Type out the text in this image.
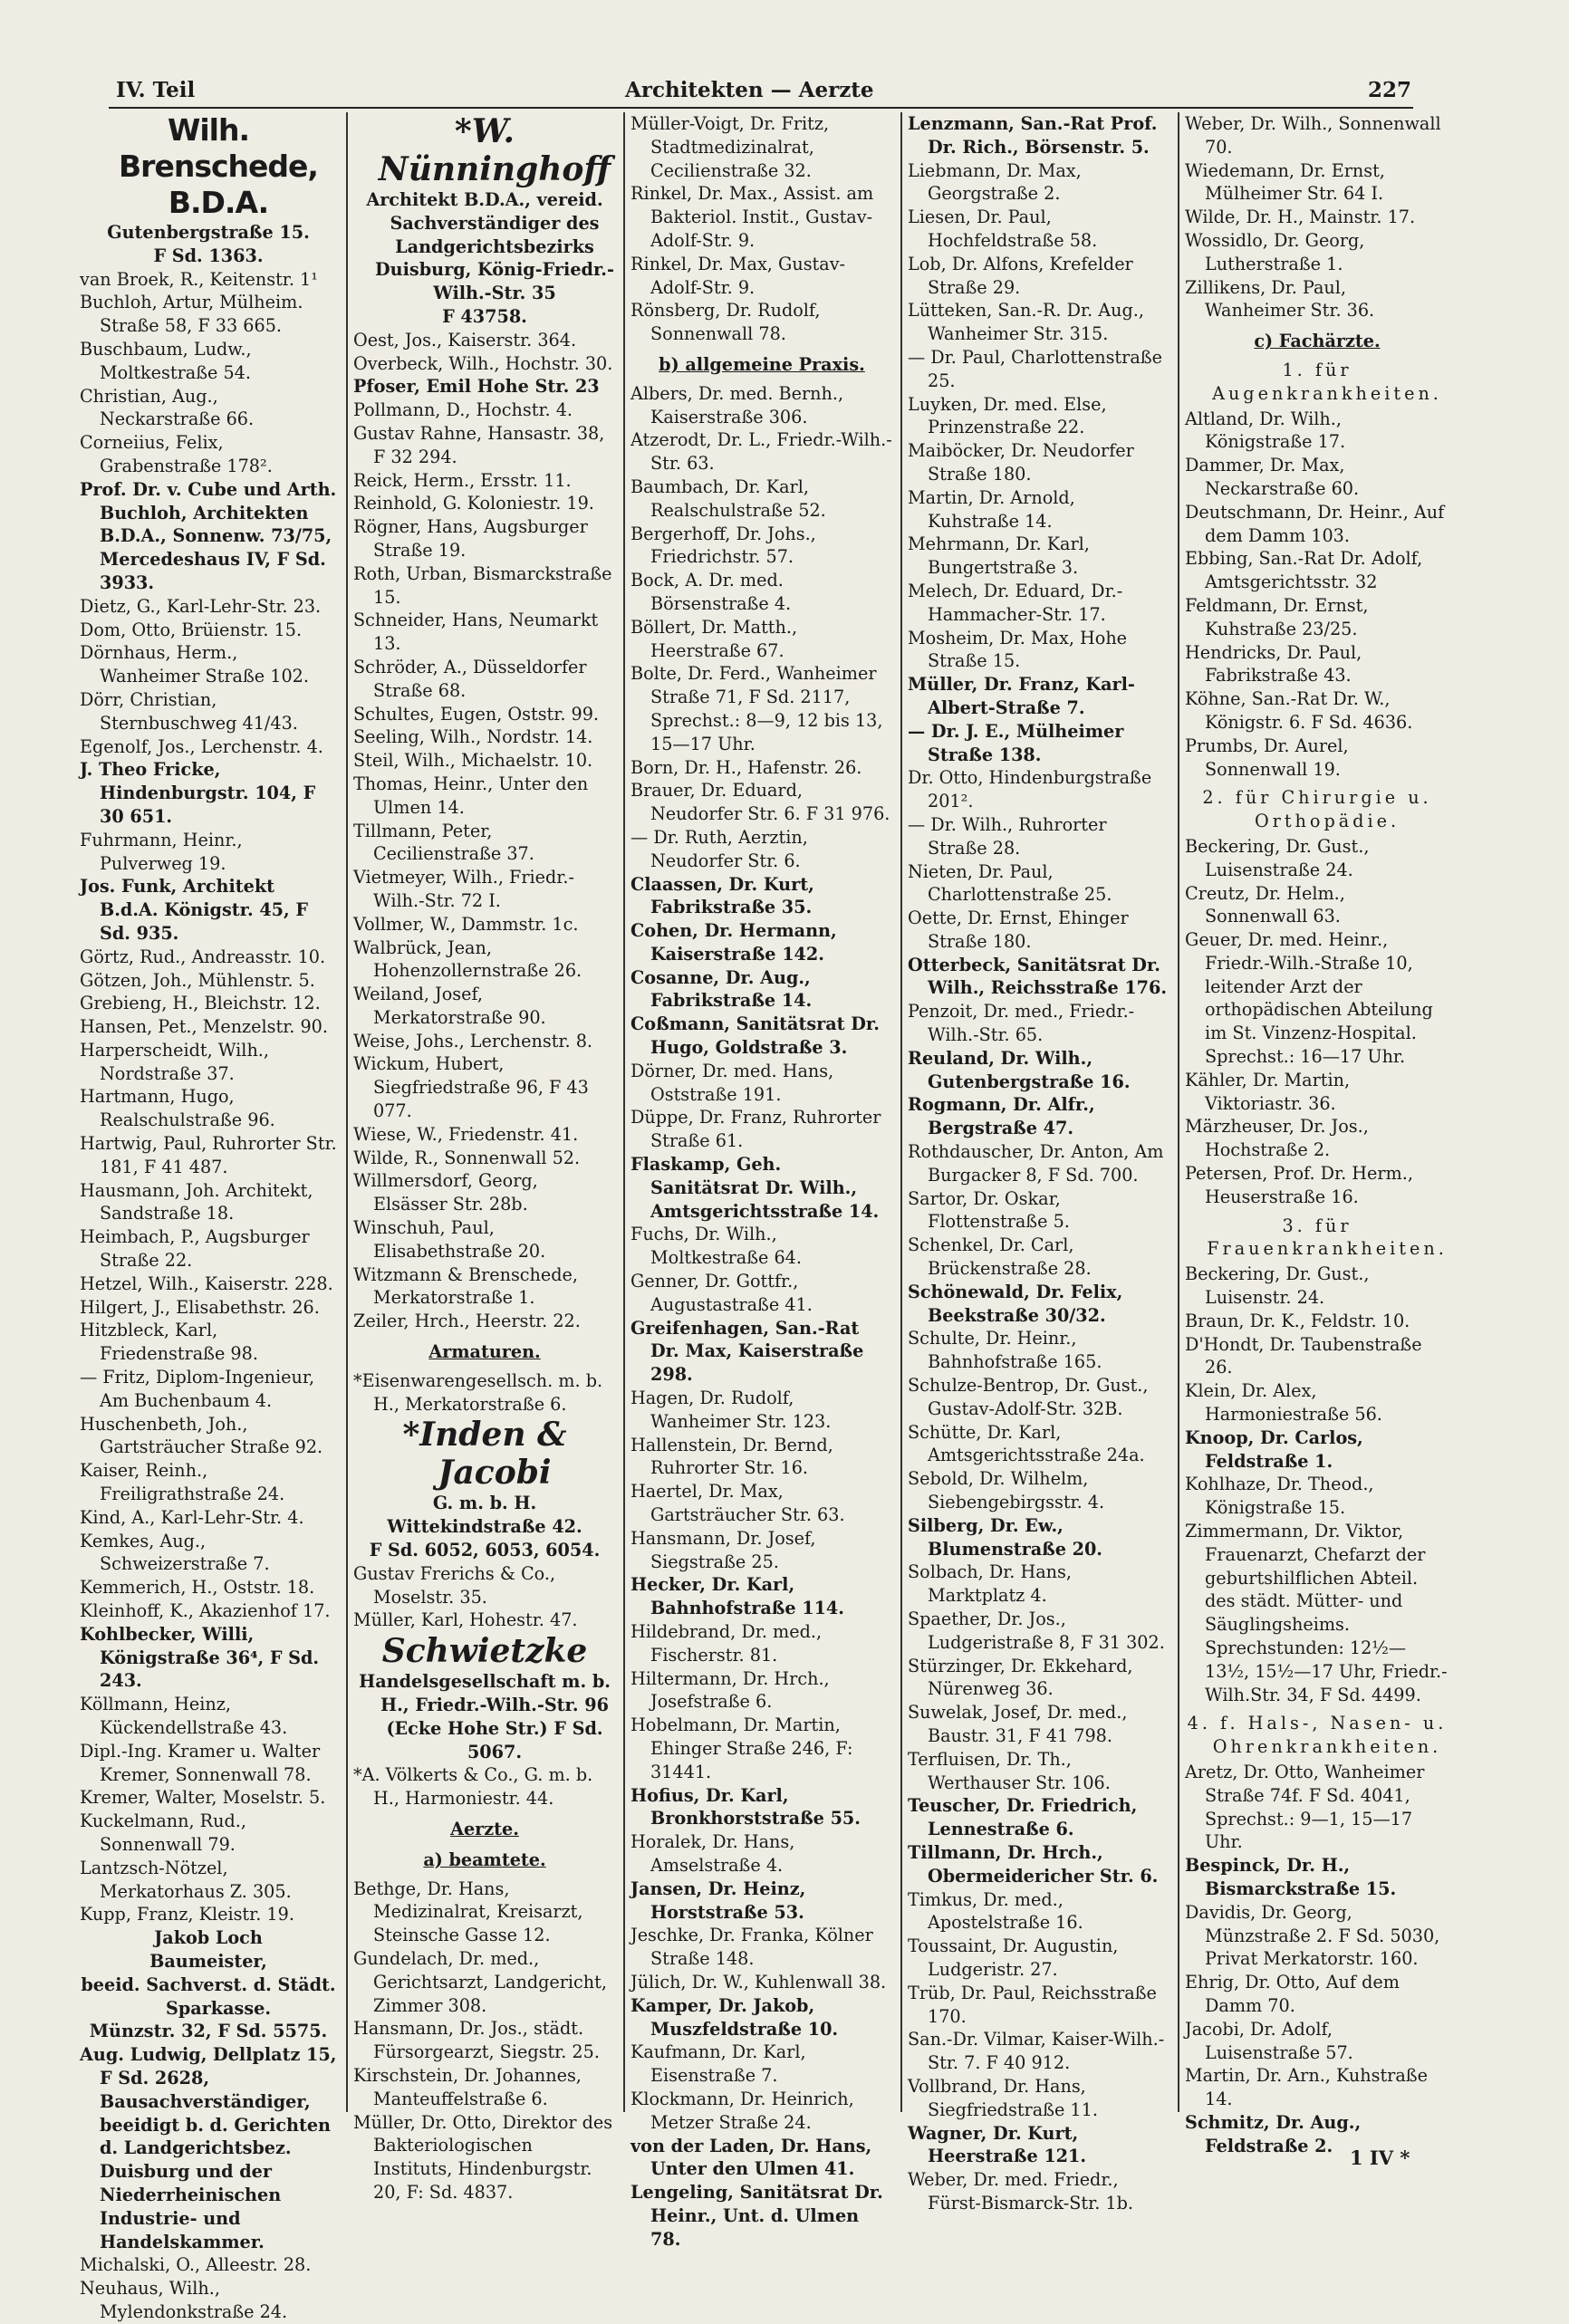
IV. Teil	Architekten — Aerzte	227

Wilh. Brenschede, B.D.A.

Gutenbergstraße 15.

F Sd. 1363.

van Broek, R., Keitenstr. 1¹

Buchloh, Artur, Mülheim. Straße 58, F 33 665.

Buschbaum, Ludw., Moltkestraße 54.

Christian, Aug., Neckarstraße 66.

Corneiius, Felix, Grabenstraße 178².

Prof. Dr. v. Cube und Arth. Buchloh, Architekten B.D.A., Sonnenw. 73/75, Mercedeshaus IV, F Sd. 3933.

Dietz, G., Karl-Lehr-Str. 23.

Dom, Otto, Brüienstr. 15.

Dörnhaus, Herm., Wanheimer Straße 102.

Dörr, Christian, Sternbuschweg 41/43.

Egenolf, Jos., Lerchenstr. 4.

J. Theo Fricke, Hindenburgstr. 104, F 30 651.

Fuhrmann, Heinr., Pulverweg 19.

Jos. Funk, Architekt B.d.A. Königstr. 45, F Sd. 935.

Görtz, Rud., Andreasstr. 10.

Götzen, Joh., Mühlenstr. 5.

Grebieng, H., Bleichstr. 12.

Hansen, Pet., Menzelstr. 90.

Harperscheidt, Wilh., Nordstraße 37.

Hartmann, Hugo, Realschulstraße 96.

Hartwig, Paul, Ruhrorter Str. 181, F 41 487.

Hausmann, Joh. Architekt, Sandstraße 18.

Heimbach, P., Augsburger Straße 22.

Hetzel, Wilh., Kaiserstr. 228.

Hilgert, J., Elisabethstr. 26.

Hitzbleck, Karl, Friedenstraße 98.

— Fritz, Diplom-Ingenieur, Am Buchenbaum 4.

Huschenbeth, Joh., Gartsträucher Straße 92.

Kaiser, Reinh., Freiligrathstraße 24.

Kind, A., Karl-Lehr-Str. 4.

Kemkes, Aug., Schweizerstraße 7.

Kemmerich, H., Oststr. 18.

Kleinhoff, K., Akazienhof 17.

Kohlbecker, Willi, Königstraße 36⁴, F Sd. 243.

Köllmann, Heinz, Kückendellstraße 43.

Dipl.-Ing. Kramer u. Walter Kremer, Sonnenwall 78.

Kremer, Walter, Moselstr. 5.

Kuckelmann, Rud., Sonnenwall 79.

Lantzsch-Nötzel, Merkatorhaus Z. 305.

Kupp, Franz, Kleistr. 19.

Jakob Loch

Baumeister,

beeid. Sachverst. d. Städt. Sparkasse.

Münzstr. 32, F Sd. 5575.

Aug. Ludwig, Dellplatz 15, F Sd. 2628, Bausachverständiger, beeidigt b. d. Gerichten d. Landgerichtsbez. Duisburg und der Niederrheinischen Industrie- und Handelskammer.

Michalski, O., Alleestr. 28.

Neuhaus, Wilh., Mylendonkstraße 24.

*W. Nünninghoff

Architekt B.D.A., vereid. Sachverständiger des Landgerichtsbezirks Duisburg, König-Friedr.-Wilh.-Str. 35

F 43758.

Oest, Jos., Kaiserstr. 364.

Overbeck, Wilh., Hochstr. 30.

Pfoser, Emil Hohe Str. 23

Pollmann, D., Hochstr. 4.

Gustav Rahne, Hansastr. 38, F 32 294.

Reick, Herm., Ersstr. 11.

Reinhold, G. Koloniestr. 19.

Rögner, Hans, Augsburger Straße 19.

Roth, Urban, Bismarckstraße 15.

Schneider, Hans, Neumarkt 13.

Schröder, A., Düsseldorfer Straße 68.

Schultes, Eugen, Oststr. 99.

Seeling, Wilh., Nordstr. 14.

Steil, Wilh., Michaelstr. 10.

Thomas, Heinr., Unter den Ulmen 14.

Tillmann, Peter, Cecilienstraße 37.

Vietmeyer, Wilh., Friedr.-Wilh.-Str. 72 I.

Vollmer, W., Dammstr. 1c.

Walbrück, Jean, Hohenzollernstraße 26.

Weiland, Josef, Merkatorstraße 90.

Weise, Johs., Lerchenstr. 8.

Wickum, Hubert, Siegfriedstraße 96, F 43 077.

Wiese, W., Friedenstr. 41.

Wilde, R., Sonnenwall 52.

Willmersdorf, Georg, Elsässer Str. 28b.

Winschuh, Paul, Elisabethstraße 20.

Witzmann & Brenschede, Merkatorstraße 1.

Zeiler, Hrch., Heerstr. 22.

Armaturen.

*Eisenwarengesellsch. m. b. H., Merkatorstraße 6.

*Inden & Jacobi

G. m. b. H.

Wittekindstraße 42.

F Sd. 6052, 6053, 6054.

Gustav Frerichs & Co., Moselstr. 35.

Müller, Karl, Hohestr. 47.

Schwietzke

Handelsgesellschaft m. b. H., Friedr.-Wilh.-Str. 96 (Ecke Hohe Str.) F Sd. 5067.

*A. Völkerts & Co., G. m. b. H., Harmoniestr. 44.

Aerzte.

a) beamtete.

Bethge, Dr. Hans, Medizinalrat, Kreisarzt, Steinsche Gasse 12.

Gundelach, Dr. med., Gerichtsarzt, Landgericht, Zimmer 308.

Hansmann, Dr. Jos., städt. Fürsorgearzt, Siegstr. 25.

Kirschstein, Dr. Johannes, Manteuffelstraße 6.

Müller, Dr. Otto, Direktor des Bakteriologischen Instituts, Hindenburgstr. 20, F: Sd. 4837.

Müller-Voigt, Dr. Fritz, Stadtmedizinalrat, Cecilienstraße 32.

Rinkel, Dr. Max., Assist. am Bakteriol. Instit., Gustav-Adolf-Str. 9.

Rinkel, Dr. Max, Gustav-Adolf-Str. 9.

Rönsberg, Dr. Rudolf, Sonnenwall 78.

b) allgemeine Praxis.

Albers, Dr. med. Bernh., Kaiserstraße 306.

Atzerodt, Dr. L., Friedr.-Wilh.-Str. 63.

Baumbach, Dr. Karl, Realschulstraße 52.

Bergerhoff, Dr. Johs., Friedrichstr. 57.

Bock, A. Dr. med. Börsenstraße 4.

Böllert, Dr. Matth., Heerstraße 67.

Bolte, Dr. Ferd., Wanheimer Straße 71, F Sd. 2117, Sprechst.: 8—9, 12 bis 13, 15—17 Uhr.

Born, Dr. H., Hafenstr. 26.

Brauer, Dr. Eduard, Neudorfer Str. 6. F 31 976.

— Dr. Ruth, Aerztin, Neudorfer Str. 6.

Claassen, Dr. Kurt, Fabrikstraße 35.

Cohen, Dr. Hermann, Kaiserstraße 142.

Cosanne, Dr. Aug., Fabrikstraße 14.

Coßmann, Sanitätsrat Dr. Hugo, Goldstraße 3.

Dörner, Dr. med. Hans, Oststraße 191.

Düppe, Dr. Franz, Ruhrorter Straße 61.

Flaskamp, Geh. Sanitätsrat Dr. Wilh., Amtsgerichtsstraße 14.

Fuchs, Dr. Wilh., Moltkestraße 64.

Genner, Dr. Gottfr., Augustastraße 41.

Greifenhagen, San.-Rat Dr. Max, Kaiserstraße 298.

Hagen, Dr. Rudolf, Wanheimer Str. 123.

Hallenstein, Dr. Bernd, Ruhrorter Str. 16.

Haertel, Dr. Max, Gartsträucher Str. 63.

Hansmann, Dr. Josef, Siegstraße 25.

Hecker, Dr. Karl, Bahnhofstraße 114.

Hildebrand, Dr. med., Fischerstr. 81.

Hiltermann, Dr. Hrch., Josefstraße 6.

Hobelmann, Dr. Martin, Ehinger Straße 246, F: 31441.

Hofius, Dr. Karl, Bronkhorststraße 55.

Horalek, Dr. Hans, Amselstraße 4.

Jansen, Dr. Heinz, Horststraße 53.

Jeschke, Dr. Franka, Kölner Straße 148.

Jülich, Dr. W., Kuhlenwall 38.

Kamper, Dr. Jakob, Muszfeldstraße 10.

Kaufmann, Dr. Karl, Eisenstraße 7.

Klockmann, Dr. Heinrich, Metzer Straße 24.

von der Laden, Dr. Hans, Unter den Ulmen 41.

Lengeling, Sanitätsrat Dr. Heinr., Unt. d. Ulmen 78.

Lenzmann, San.-Rat Prof. Dr. Rich., Börsenstr. 5.

Liebmann, Dr. Max, Georgstraße 2.

Liesen, Dr. Paul, Hochfeldstraße 58.

Lob, Dr. Alfons, Krefelder Straße 29.

Lütteken, San.-R. Dr. Aug., Wanheimer Str. 315.

— Dr. Paul, Charlottenstraße 25.

Luyken, Dr. med. Else, Prinzenstraße 22.

Maiböcker, Dr. Neudorfer Straße 180.

Martin, Dr. Arnold, Kuhstraße 14.

Mehrmann, Dr. Karl, Bungertstraße 3.

Melech, Dr. Eduard, Dr.-Hammacher-Str. 17.

Mosheim, Dr. Max, Hohe Straße 15.

Müller, Dr. Franz, Karl-Albert-Straße 7.

— Dr. J. E., Mülheimer Straße 138.

Dr. Otto, Hindenburgstraße 201².

— Dr. Wilh., Ruhrorter Straße 28.

Nieten, Dr. Paul, Charlottenstraße 25.

Oette, Dr. Ernst, Ehinger Straße 180.

Otterbeck, Sanitätsrat Dr. Wilh., Reichsstraße 176.

Penzoit, Dr. med., Friedr.-Wilh.-Str. 65.

Reuland, Dr. Wilh., Gutenbergstraße 16.

Rogmann, Dr. Alfr., Bergstraße 47.

Rothdauscher, Dr. Anton, Am Burgacker 8, F Sd. 700.

Sartor, Dr. Oskar, Flottenstraße 5.

Schenkel, Dr. Carl, Brückenstraße 28.

Schönewald, Dr. Felix, Beekstraße 30/32.

Schulte, Dr. Heinr., Bahnhofstraße 165.

Schulze-Bentrop, Dr. Gust., Gustav-Adolf-Str. 32B.

Schütte, Dr. Karl, Amtsgerichtsstraße 24a.

Sebold, Dr. Wilhelm, Siebengebirgsstr. 4.

Silberg, Dr. Ew., Blumenstraße 20.

Solbach, Dr. Hans, Marktplatz 4.

Spaether, Dr. Jos., Ludgeristraße 8, F 31 302.

Stürzinger, Dr. Ekkehard, Nürenweg 36.

Suwelak, Josef, Dr. med., Baustr. 31, F 41 798.

Terfluisen, Dr. Th., Werthauser Str. 106.

Teuscher, Dr. Friedrich, Lennestraße 6.

Tillmann, Dr. Hrch., Obermeidericher Str. 6.

Timkus, Dr. med., Apostelstraße 16.

Toussaint, Dr. Augustin, Ludgeristr. 27.

Trüb, Dr. Paul, Reichsstraße 170.

San.-Dr. Vilmar, Kaiser-Wilh.-Str. 7. F 40 912.

Vollbrand, Dr. Hans, Siegfriedstraße 11.

Wagner, Dr. Kurt, Heerstraße 121.

Weber, Dr. med. Friedr., Fürst-Bismarck-Str. 1b.

Weber, Dr. Wilh., Sonnenwall 70.

Wiedemann, Dr. Ernst, Mülheimer Str. 64 I.

Wilde, Dr. H., Mainstr. 17.

Wossidlo, Dr. Georg, Lutherstraße 1.

Zillikens, Dr. Paul, Wanheimer Str. 36.

c) Fachärzte.

1. für Augenkrankheiten.

Altland, Dr. Wilh., Königstraße 17.

Dammer, Dr. Max, Neckarstraße 60.

Deutschmann, Dr. Heinr., Auf dem Damm 103.

Ebbing, San.-Rat Dr. Adolf, Amtsgerichtsstr. 32

Feldmann, Dr. Ernst, Kuhstraße 23/25.

Hendricks, Dr. Paul, Fabrikstraße 43.

Köhne, San.-Rat Dr. W., Königstr. 6. F Sd. 4636.

Prumbs, Dr. Aurel, Sonnenwall 19.

2. für Chirurgie u. Orthopädie.

Beckering, Dr. Gust., Luisenstraße 24.

Creutz, Dr. Helm., Sonnenwall 63.

Geuer, Dr. med. Heinr., Friedr.-Wilh.-Straße 10, leitender Arzt der orthopädischen Abteilung im St. Vinzenz-Hospital. Sprechst.: 16—17 Uhr.

Kähler, Dr. Martin, Viktoriastr. 36.

Märzheuser, Dr. Jos., Hochstraße 2.

Petersen, Prof. Dr. Herm., Heuserstraße 16.

3. für Frauenkrankheiten.

Beckering, Dr. Gust., Luisenstr. 24.

Braun, Dr. K., Feldstr. 10.

D'Hondt, Dr. Taubenstraße 26.

Klein, Dr. Alex, Harmoniestraße 56.

Knoop, Dr. Carlos, Feldstraße 1.

Kohlhaze, Dr. Theod., Königstraße 15.

Zimmermann, Dr. Viktor, Frauenarzt, Chefarzt der geburtshilflichen Abteil. des städt. Mütter- und Säuglingsheims. Sprechstunden: 12½—13½, 15½—17 Uhr, Friedr.-Wilh.Str. 34, F Sd. 4499.

4. f. Hals-, Nasen- u. Ohrenkrankheiten.

Aretz, Dr. Otto, Wanheimer Straße 74f. F Sd. 4041, Sprechst.: 9—1, 15—17 Uhr.

Bespinck, Dr. H., Bismarckstraße 15.

Davidis, Dr. Georg, Münzstraße 2. F Sd. 5030, Privat Merkatorstr. 160.

Ehrig, Dr. Otto, Auf dem Damm 70.

Jacobi, Dr. Adolf, Luisenstraße 57.

Martin, Dr. Arn., Kuhstraße 14.

Schmitz, Dr. Aug., Feldstraße 2.

1 IV *
